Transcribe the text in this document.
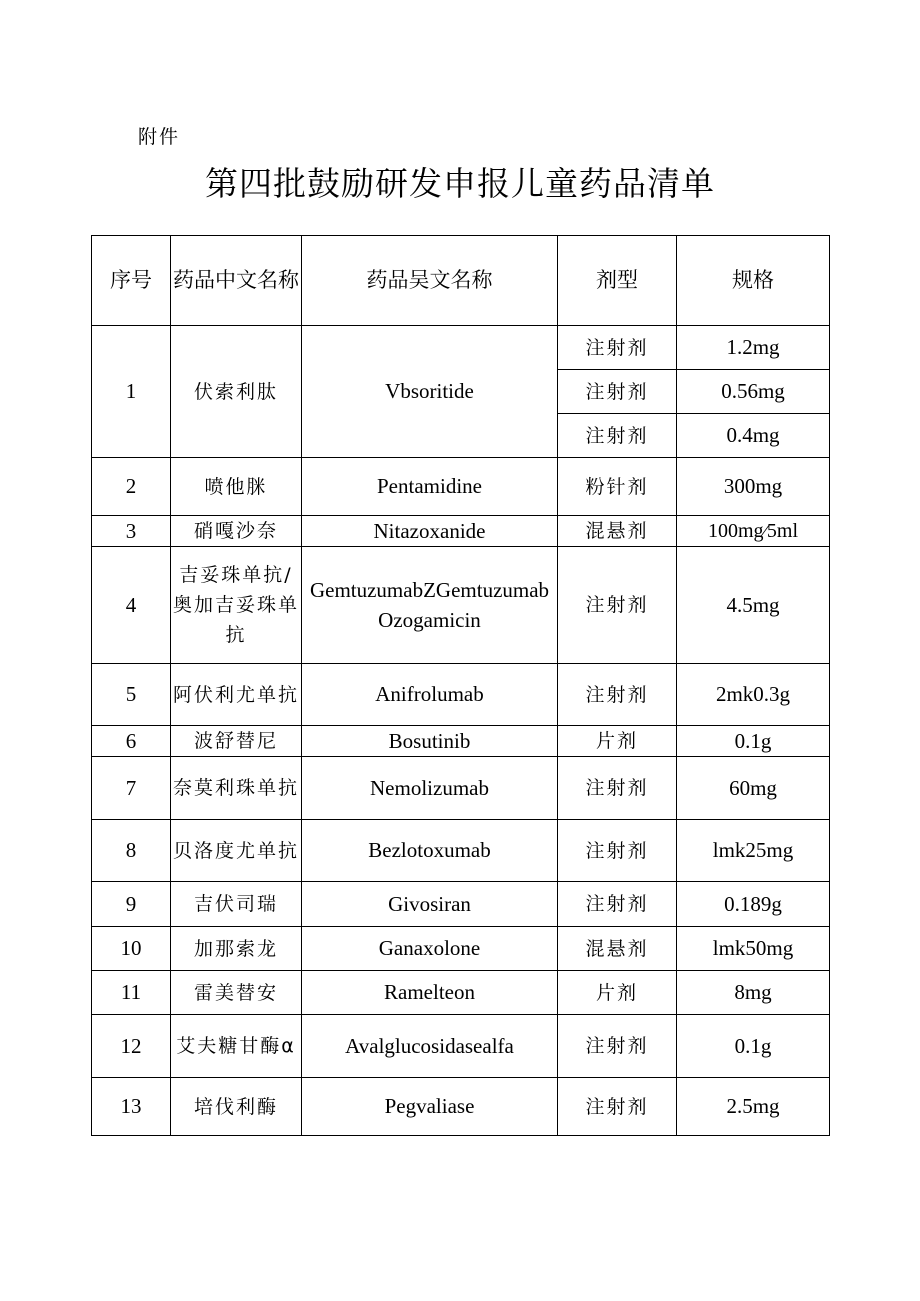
附件
第四批鼓励研发申报儿童药品清单
序号	药品中文名称	药品吴文名称	剂型	规格
1	伏索利肽	Vbsoritide	注射剂	1.2mg
			注射剂	0.56mg
			注射剂	0.4mg
2	喷他脒	Pentamidine	粉针剂	300mg
3	硝嘎沙奈	Nitazoxanide	混悬剂	100mg⁄5ml
4	吉妥珠单抗/奥加吉妥珠单抗	GemtuzumabZGemtuzumabOzogamicin	注射剂	4.5mg
5	阿伏利尤单抗	Anifrolumab	注射剂	2mk0.3g
6	波舒替尼	Bosutinib	片剂	0.1g
7	奈莫利珠单抗	Nemolizumab	注射剂	60mg
8	贝洛度尤单抗	Bezlotoxumab	注射剂	lmk25mg
9	吉伏司瑞	Givosiran	注射剂	0.189g
10	加那索龙	Ganaxolone	混悬剂	lmk50mg
11	雷美替安	Ramelteon	片剂	8mg
12	艾夫糖甘酶α	Avalglucosidasealfa	注射剂	0.1g
13	培伐利酶	Pegvaliase	注射剂	2.5mg
